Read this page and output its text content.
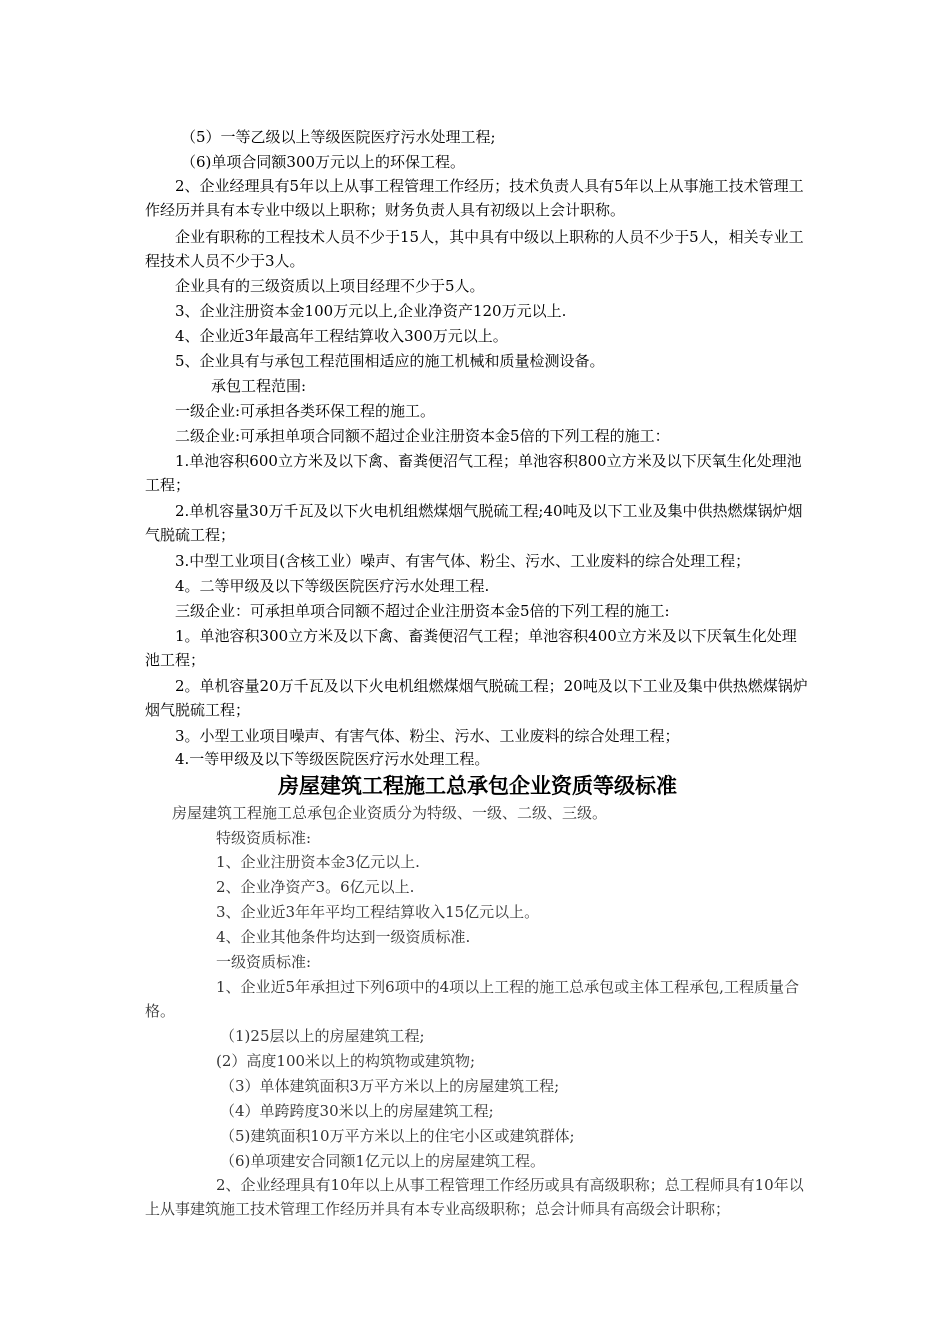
（5）一等乙级以上等级医院医疗污水处理工程;
（6)单项合同额300万元以上的环保工程。
2、企业经理具有5年以上从事工程管理工作经历；技术负责人具有5年以上从事施工技术管理工作经历并具有本专业中级以上职称；财务负责人具有初级以上会计职称。
企业有职称的工程技术人员不少于15人，其中具有中级以上职称的人员不少于5人，相关专业工程技术人员不少于3人。
企业具有的三级资质以上项目经理不少于5人。
3、企业注册资本金100万元以上,企业净资产120万元以上.
4、企业近3年最高年工程结算收入300万元以上。
5、企业具有与承包工程范围相适应的施工机械和质量检测设备。
承包工程范围:
一级企业:可承担各类环保工程的施工。
二级企业:可承担单项合同额不超过企业注册资本金5倍的下列工程的施工：
1.单池容积600立方米及以下禽、畜粪便沼气工程；单池容积800立方米及以下厌氧生化处理池工程；
2.单机容量30万千瓦及以下火电机组燃煤烟气脱硫工程;40吨及以下工业及集中供热燃煤锅炉烟气脱硫工程；
3.中型工业项目(含核工业）噪声、有害气体、粉尘、污水、工业废料的综合处理工程；
4。二等甲级及以下等级医院医疗污水处理工程.
三级企业：可承担单项合同额不超过企业注册资本金5倍的下列工程的施工:
1。单池容积300立方米及以下禽、畜粪便沼气工程；单池容积400立方米及以下厌氧生化处理池工程；
2。单机容量20万千瓦及以下火电机组燃煤烟气脱硫工程；20吨及以下工业及集中供热燃煤锅炉烟气脱硫工程；
3。小型工业项目噪声、有害气体、粉尘、污水、工业废料的综合处理工程；
4.一等甲级及以下等级医院医疗污水处理工程。
房屋建筑工程施工总承包企业资质等级标准
房屋建筑工程施工总承包企业资质分为特级、一级、二级、三级。
特级资质标准:
1、企业注册资本金3亿元以上.
2、企业净资产3。6亿元以上.
3、企业近3年年平均工程结算收入15亿元以上。
4、企业其他条件均达到一级资质标准.
一级资质标准:
1、企业近5年承担过下列6项中的4项以上工程的施工总承包或主体工程承包,工程质量合格。
（1)25层以上的房屋建筑工程;
(2）高度100米以上的构筑物或建筑物;
（3）单体建筑面积3万平方米以上的房屋建筑工程;
（4）单跨跨度30米以上的房屋建筑工程;
（5)建筑面积10万平方米以上的住宅小区或建筑群体;
（6)单项建安合同额1亿元以上的房屋建筑工程。
2、企业经理具有10年以上从事工程管理工作经历或具有高级职称；总工程师具有10年以上从事建筑施工技术管理工作经历并具有本专业高级职称；总会计师具有高级会计职称；
